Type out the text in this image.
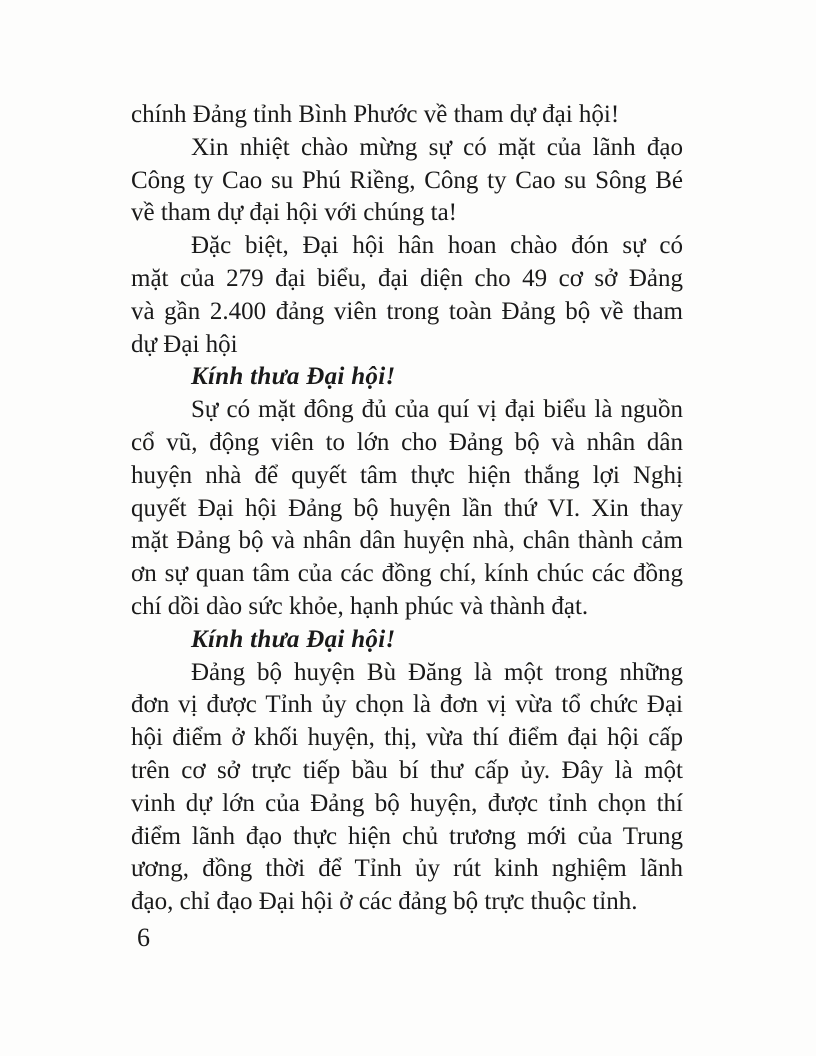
chính Đảng tỉnh Bình Phước về tham dự đại hội!
Xin nhiệt chào mừng sự có mặt của lãnh đạo
Công ty Cao su Phú Riềng, Công ty Cao su Sông Bé
về tham dự đại hội với chúng ta!
Đặc biệt, Đại hội hân hoan chào đón sự có
mặt của 279 đại biểu, đại diện cho 49 cơ sở Đảng
và gần 2.400 đảng viên trong toàn Đảng bộ về tham
dự Đại hội
Kính thưa Đại hội!
Sự có mặt đông đủ của quí vị đại biểu là nguồn
cổ vũ, động viên to lớn cho Đảng bộ và nhân dân
huyện nhà để quyết tâm thực hiện thắng lợi Nghị
quyết Đại hội Đảng bộ huyện lần thứ VI. Xin thay
mặt Đảng bộ và nhân dân huyện nhà, chân thành cảm
ơn sự quan tâm của các đồng chí, kính chúc các đồng
chí dồi dào sức khỏe, hạnh phúc và thành đạt.
Kính thưa Đại hội!
Đảng bộ huyện Bù Đăng là một trong những
đơn vị được Tỉnh ủy chọn là đơn vị vừa tổ chức Đại
hội điểm ở khối huyện, thị, vừa thí điểm đại hội cấp
trên cơ sở trực tiếp bầu bí thư cấp ủy. Đây là một
vinh dự lớn của Đảng bộ huyện, được tỉnh chọn thí
điểm lãnh đạo thực hiện chủ trương mới của Trung
ương, đồng thời để Tỉnh ủy rút kinh nghiệm lãnh
đạo, chỉ đạo Đại hội ở các đảng bộ trực thuộc tỉnh.
6
